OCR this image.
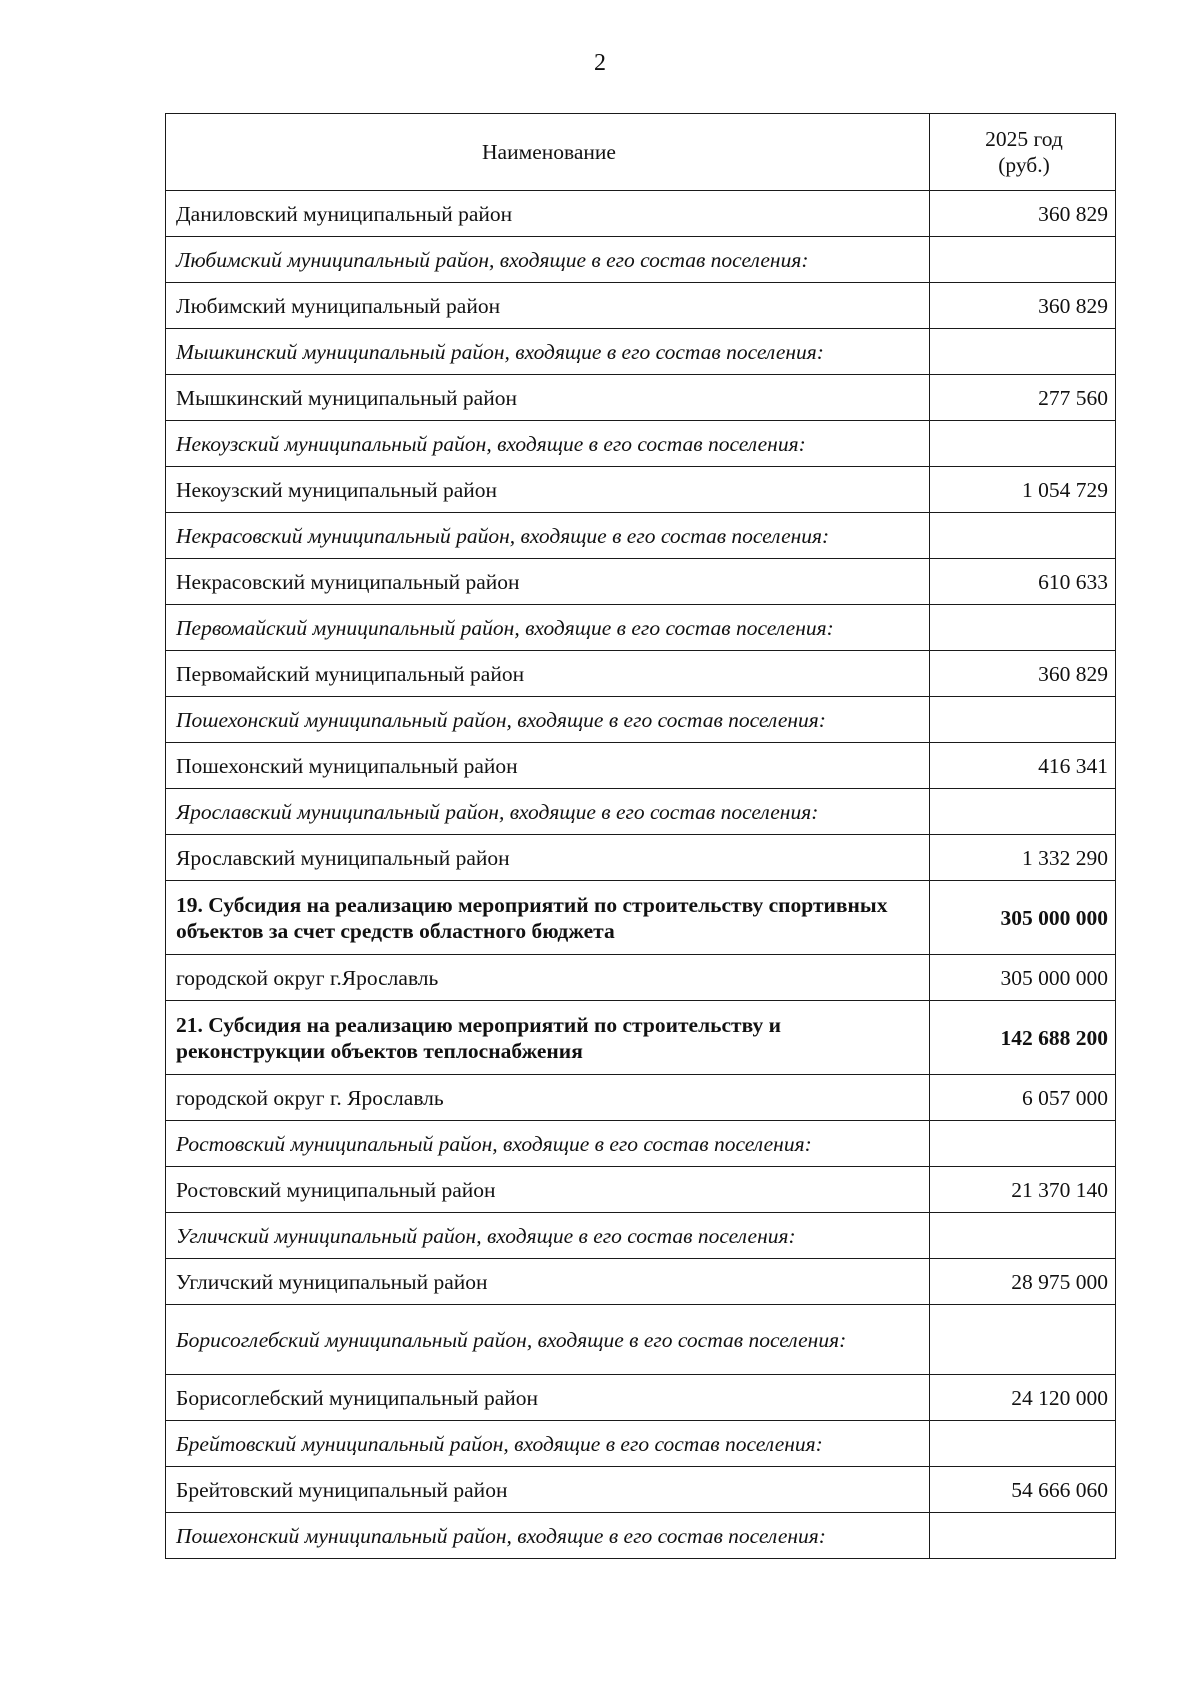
2
Наименование	2025 год
(руб.)

Даниловский муниципальный район	360 829
Любимский муниципальный район, входящие в его состав поселения:	
Любимский муниципальный район	360 829
Мышкинский муниципальный район, входящие в его состав поселения:	
Мышкинский муниципальный район	277 560
Некоузский муниципальный район, входящие в его состав поселения:	
Некоузский муниципальный район	1 054 729
Некрасовский муниципальный район, входящие в его состав поселения:	
Некрасовский муниципальный район	610 633
Первомайский муниципальный район, входящие в его состав поселения:	
Первомайский муниципальный район	360 829
Пошехонский муниципальный район, входящие в его состав поселения:	
Пошехонский муниципальный район	416 341
Ярославский муниципальный район, входящие в его состав поселения:	
Ярославский муниципальный район	1 332 290
19. Субсидия на реализацию мероприятий по строительству спортивных объектов за счет средств областного бюджета	305 000 000
городской округ г.Ярославль	305 000 000
21. Субсидия на реализацию мероприятий по строительству и реконструкции объектов теплоснабжения	142 688 200
городской округ г. Ярославль	6 057 000
Ростовский муниципальный район, входящие в его состав поселения:	
Ростовский муниципальный район	21 370 140
Угличский муниципальный район, входящие в его состав поселения:	
Угличский муниципальный район	28 975 000
Борисоглебский муниципальный район, входящие в его состав поселения:	
Борисоглебский муниципальный район	24 120 000
Брейтовский муниципальный район, входящие в его состав поселения:	
Брейтовский муниципальный район	54 666 060
Пошехонский муниципальный район, входящие в его состав поселения:	
